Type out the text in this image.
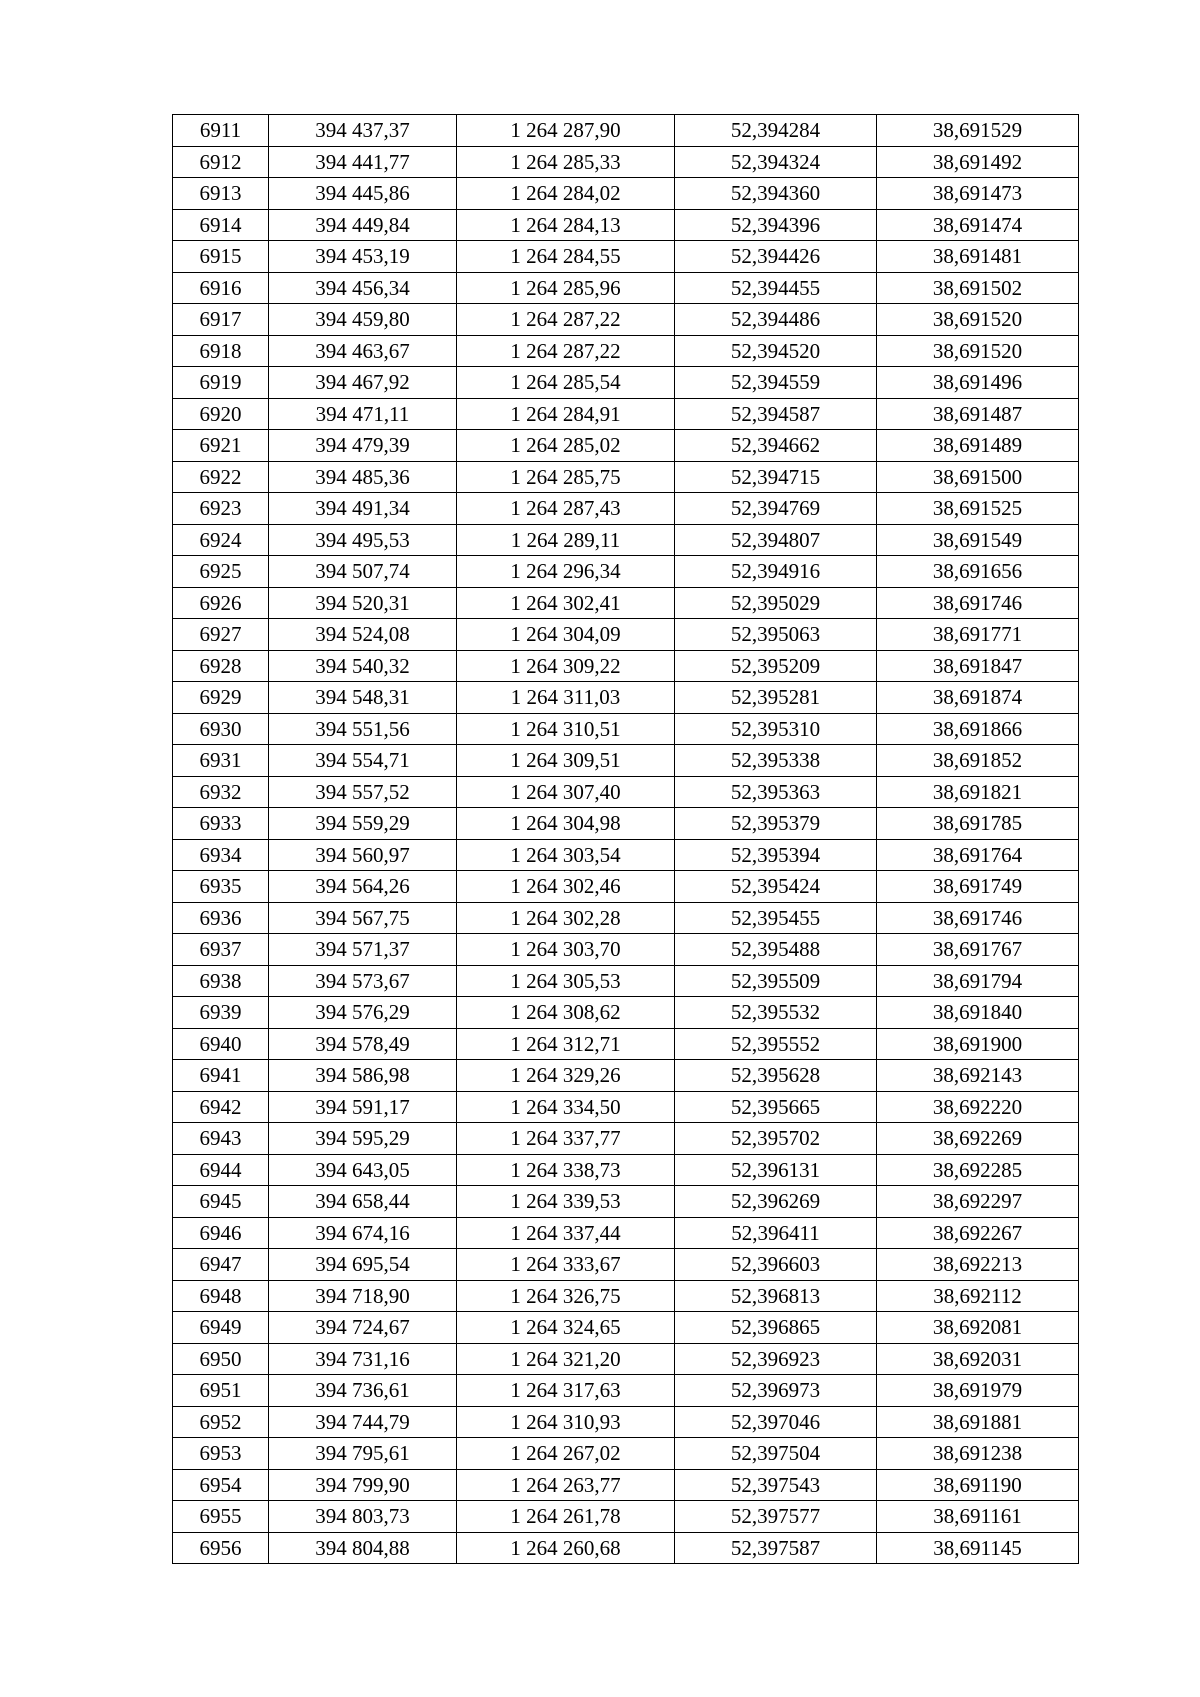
6911	394 437,37	1 264 287,90	52,394284	38,691529
6912	394 441,77	1 264 285,33	52,394324	38,691492
6913	394 445,86	1 264 284,02	52,394360	38,691473
6914	394 449,84	1 264 284,13	52,394396	38,691474
6915	394 453,19	1 264 284,55	52,394426	38,691481
6916	394 456,34	1 264 285,96	52,394455	38,691502
6917	394 459,80	1 264 287,22	52,394486	38,691520
6918	394 463,67	1 264 287,22	52,394520	38,691520
6919	394 467,92	1 264 285,54	52,394559	38,691496
6920	394 471,11	1 264 284,91	52,394587	38,691487
6921	394 479,39	1 264 285,02	52,394662	38,691489
6922	394 485,36	1 264 285,75	52,394715	38,691500
6923	394 491,34	1 264 287,43	52,394769	38,691525
6924	394 495,53	1 264 289,11	52,394807	38,691549
6925	394 507,74	1 264 296,34	52,394916	38,691656
6926	394 520,31	1 264 302,41	52,395029	38,691746
6927	394 524,08	1 264 304,09	52,395063	38,691771
6928	394 540,32	1 264 309,22	52,395209	38,691847
6929	394 548,31	1 264 311,03	52,395281	38,691874
6930	394 551,56	1 264 310,51	52,395310	38,691866
6931	394 554,71	1 264 309,51	52,395338	38,691852
6932	394 557,52	1 264 307,40	52,395363	38,691821
6933	394 559,29	1 264 304,98	52,395379	38,691785
6934	394 560,97	1 264 303,54	52,395394	38,691764
6935	394 564,26	1 264 302,46	52,395424	38,691749
6936	394 567,75	1 264 302,28	52,395455	38,691746
6937	394 571,37	1 264 303,70	52,395488	38,691767
6938	394 573,67	1 264 305,53	52,395509	38,691794
6939	394 576,29	1 264 308,62	52,395532	38,691840
6940	394 578,49	1 264 312,71	52,395552	38,691900
6941	394 586,98	1 264 329,26	52,395628	38,692143
6942	394 591,17	1 264 334,50	52,395665	38,692220
6943	394 595,29	1 264 337,77	52,395702	38,692269
6944	394 643,05	1 264 338,73	52,396131	38,692285
6945	394 658,44	1 264 339,53	52,396269	38,692297
6946	394 674,16	1 264 337,44	52,396411	38,692267
6947	394 695,54	1 264 333,67	52,396603	38,692213
6948	394 718,90	1 264 326,75	52,396813	38,692112
6949	394 724,67	1 264 324,65	52,396865	38,692081
6950	394 731,16	1 264 321,20	52,396923	38,692031
6951	394 736,61	1 264 317,63	52,396973	38,691979
6952	394 744,79	1 264 310,93	52,397046	38,691881
6953	394 795,61	1 264 267,02	52,397504	38,691238
6954	394 799,90	1 264 263,77	52,397543	38,691190
6955	394 803,73	1 264 261,78	52,397577	38,691161
6956	394 804,88	1 264 260,68	52,397587	38,691145
